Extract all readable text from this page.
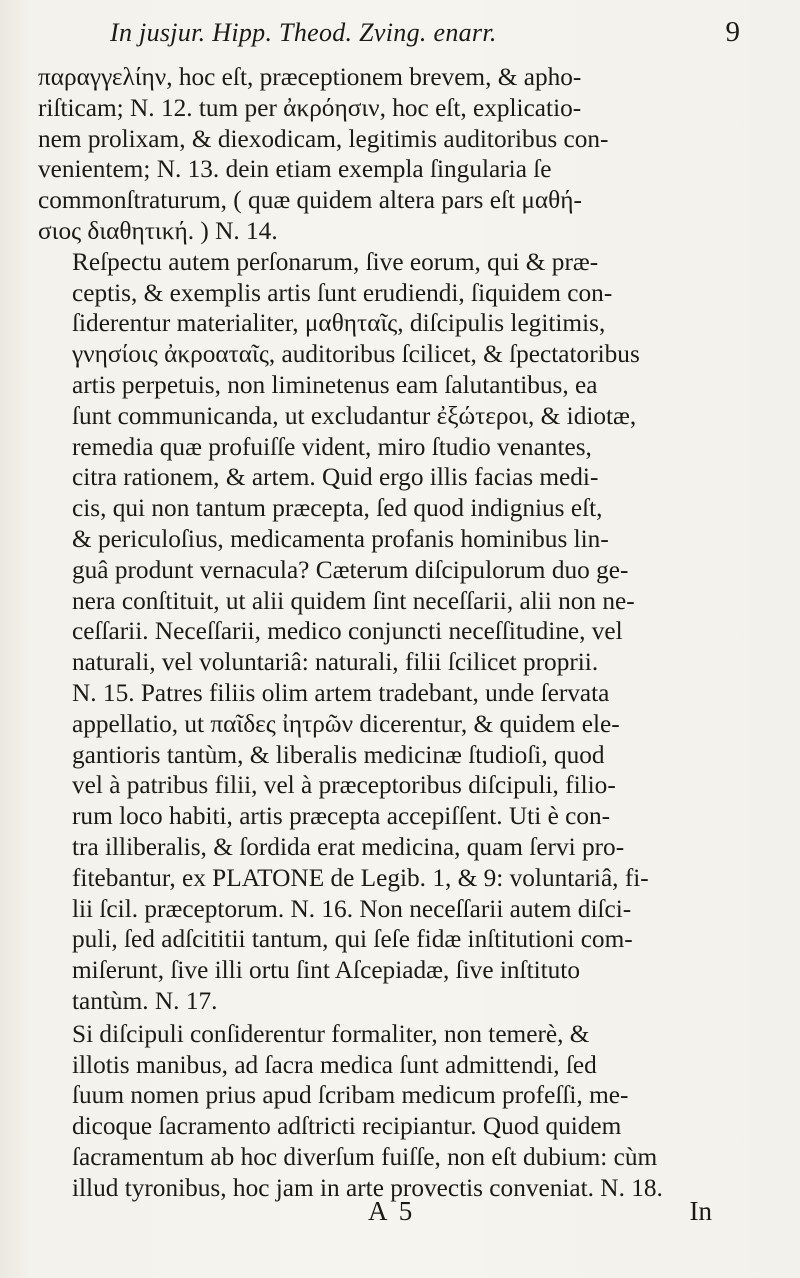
In jusjur. Hipp. Theod. Zving. enarr.	9

παραγγελίην, hoc eſt, præceptionem brevem, & apho-
riſticam; N. 12. tum per ἀκρόησιν, hoc eſt, explicatio-
nem prolixam, & diexodicam, legitimis auditoribus con-
venientem; N. 13. dein etiam exempla ſingularia ſe
commonſtraturum, ( quæ quidem altera pars eſt μαθή-
σιος διαθητική. ) N. 14.

Reſpectu autem perſonarum, ſive eorum, qui & præ-
ceptis, & exemplis artis ſunt erudiendi, ſiquidem con-
ſiderentur materialiter, μαθηταῖς, diſcipulis legitimis,
γνησίοις ἀκροαταῖς, auditoribus ſcilicet, & ſpectatoribus
artis perpetuis, non liminetenus eam ſalutantibus, ea
ſunt communicanda, ut excludantur ἐξώτεροι, & idiotæ,
remedia quæ profuiſſe vident, miro ſtudio venantes,
citra rationem, & artem. Quid ergo illis facias medi-
cis, qui non tantum præcepta, ſed quod indignius eſt,
& periculoſius, medicamenta profanis hominibus lin-
guâ produnt vernacula? Cæterum diſcipulorum duo ge-
nera conſtituit, ut alii quidem ſint neceſſarii, alii non ne-
ceſſarii. Neceſſarii, medico conjuncti neceſſitudine, vel
naturali, vel voluntariâ: naturali, filii ſcilicet proprii.
N. 15. Patres filiis olim artem tradebant, unde ſervata
appellatio, ut παῖδες ἰητρῶν dicerentur, & quidem ele-
gantioris tantùm, & liberalis medicinæ ſtudioſi, quod
vel à patribus filii, vel à præceptoribus diſcipuli, filio-
rum loco habiti, artis præcepta accepiſſent. Uti è con-
tra illiberalis, & ſordida erat medicina, quam ſervi pro-
fitebantur, ex PLATONE de Legib. 1, & 9: voluntariâ, fi-
lii ſcil. præceptorum. N. 16. Non neceſſarii autem diſci-
puli, ſed adſcititii tantum, qui ſeſe fidæ inſtitutioni com-
miſerunt, ſive illi ortu ſint Aſcepiadæ, ſive inſtituto
tantùm. N. 17.

Si diſcipuli conſiderentur formaliter, non temerè, &
illotis manibus, ad ſacra medica ſunt admittendi, ſed
ſuum nomen prius apud ſcribam medicum profeſſi, me-
dicoque ſacramento adſtricti recipiantur. Quod quidem
ſacramentum ab hoc diverſum fuiſſe, non eſt dubium: cùm
illud tyronibus, hoc jam in arte provectis conveniat. N. 18.

A 5	In
